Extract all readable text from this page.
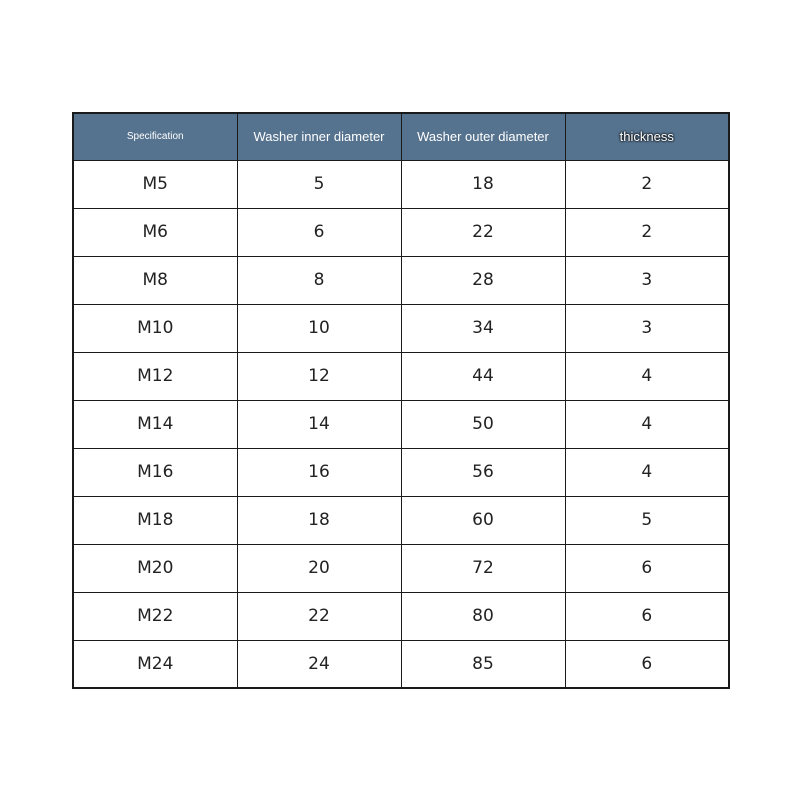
Specification	Washer inner diameter	Washer outer diameter	thickness
M5	5	18	2
M6	6	22	2
M8	8	28	3
M10	10	34	3
M12	12	44	4
M14	14	50	4
M16	16	56	4
M18	18	60	5
M20	20	72	6
M22	22	80	6
M24	24	85	6
